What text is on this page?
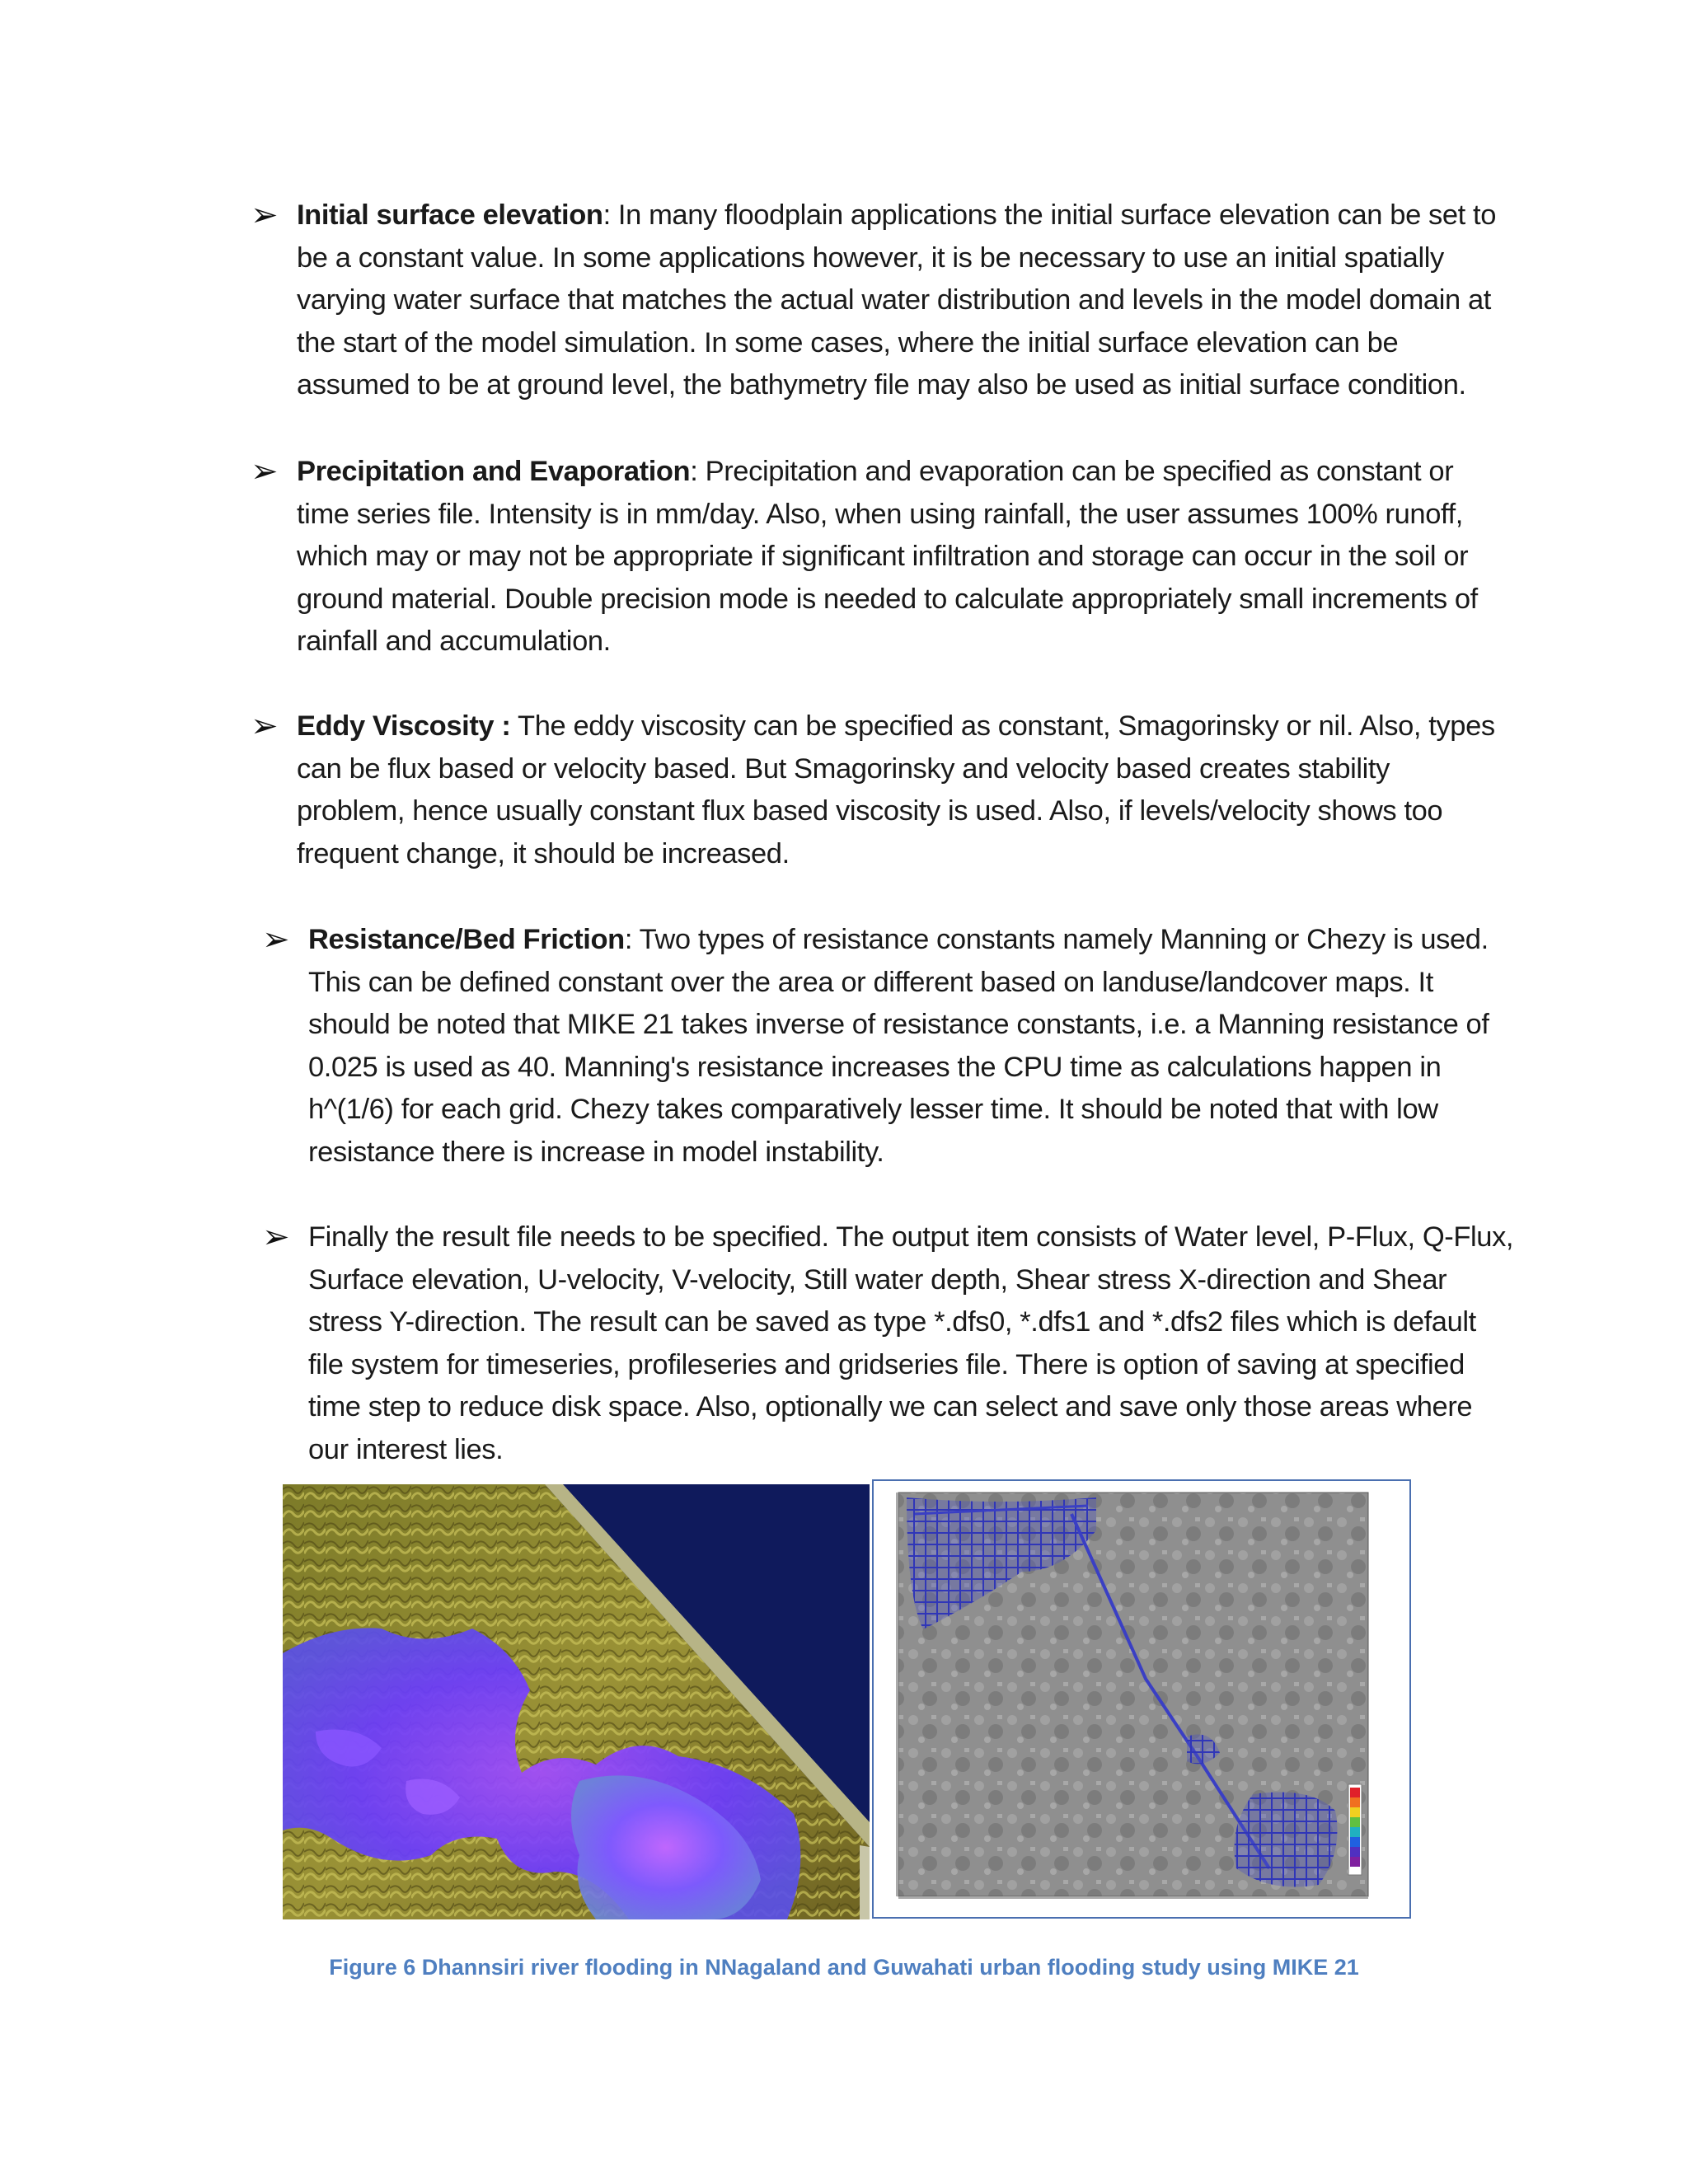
➢ Initial surface elevation: In many floodplain applications the initial surface elevation can be set to be a constant value. In some applications however, it is be necessary to use an initial spatially varying water surface that matches the actual water distribution and levels in the model domain at the start of the model simulation. In some cases, where the initial surface elevation can be assumed to be at ground level, the bathymetry file may also be used as initial surface condition.
➢ Precipitation and Evaporation: Precipitation and evaporation can be specified as constant or time series file. Intensity is in mm/day. Also, when using rainfall, the user assumes 100% runoff, which may or may not be appropriate if significant infiltration and storage can occur in the soil or ground material. Double precision mode is needed to calculate appropriately small increments of rainfall and accumulation.
➢ Eddy Viscosity : The eddy viscosity can be specified as constant, Smagorinsky or nil. Also, types can be flux based or velocity based. But Smagorinsky and velocity based creates stability problem, hence usually constant flux based viscosity is used. Also, if levels/velocity shows too frequent change, it should be increased.
➢ Resistance/Bed Friction: Two types of resistance constants namely Manning or Chezy is used. This can be defined constant over the area or different based on landuse/landcover maps. It should be noted that MIKE 21 takes inverse of resistance constants, i.e. a Manning resistance of 0.025 is used as 40. Manning's resistance increases the CPU time as calculations happen in h^(1/6) for each grid. Chezy takes comparatively lesser time. It should be noted that with low resistance there is increase in model instability.
➢ Finally the result file needs to be specified. The output item consists of Water level, P-Flux, Q-Flux, Surface elevation, U-velocity, V-velocity, Still water depth, Shear stress X-direction and Shear stress Y-direction. The result can be saved as type *.dfs0, *.dfs1 and *.dfs2 files which is default file system for timeseries, profileseries and gridseries file. There is option of saving at specified time step to reduce disk space. Also, optionally we can select and save only those areas where our interest lies.
Figure 6 Dhannsiri river flooding in NNagaland and Guwahati urban flooding study using MIKE 21
